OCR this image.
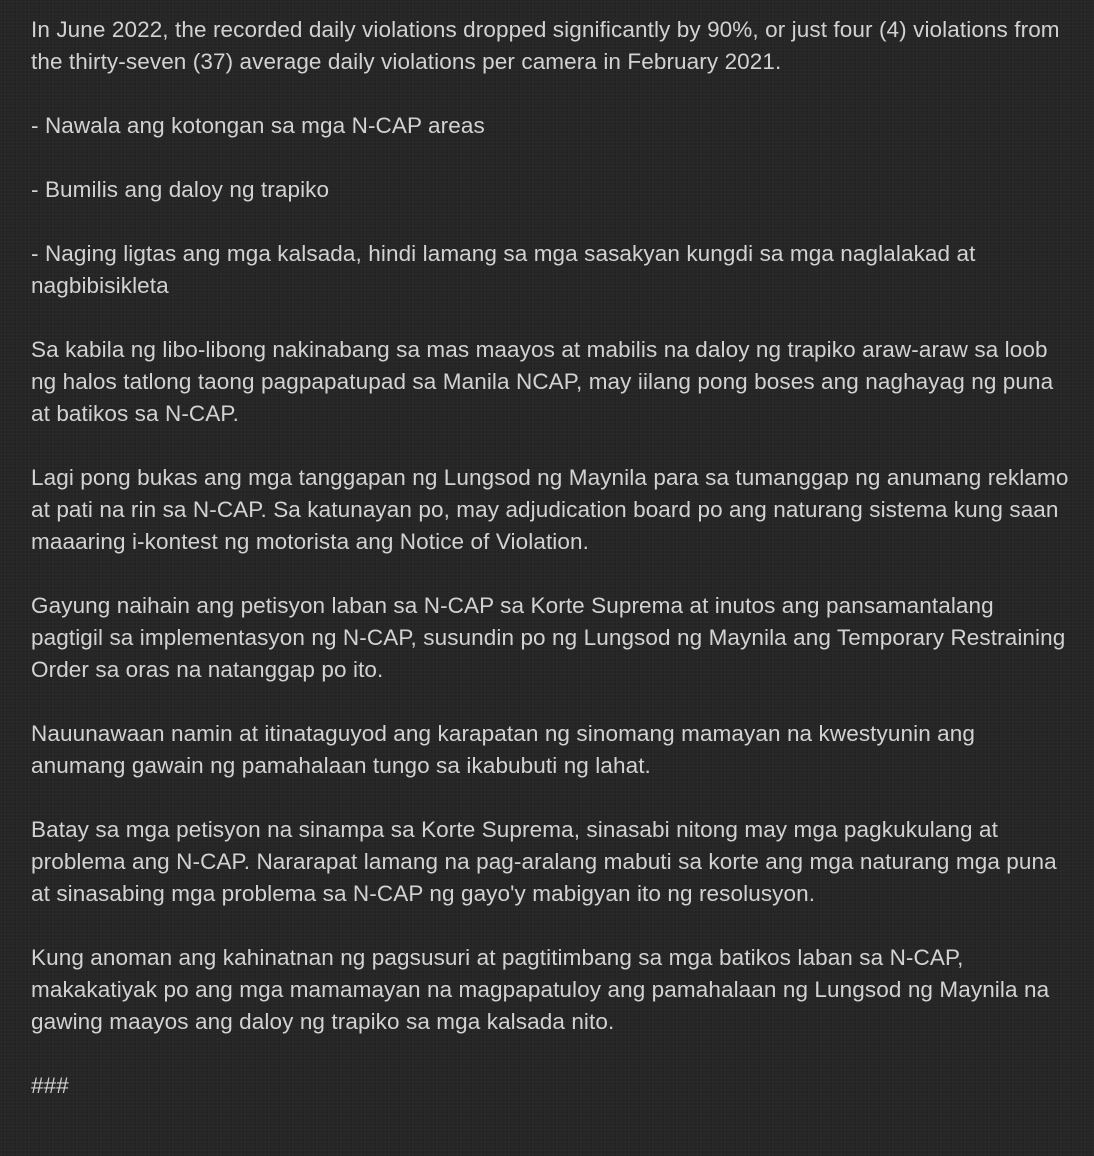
In June 2022, the recorded daily violations dropped significantly by 90%, or just four (4) violations from the thirty-seven (37) average daily violations per camera in February 2021.

- Nawala ang kotongan sa mga N-CAP areas

- Bumilis ang daloy ng trapiko

- Naging ligtas ang mga kalsada, hindi lamang sa mga sasakyan kungdi sa mga naglalakad at nagbibisikleta

Sa kabila ng libo-libong nakinabang sa mas maayos at mabilis na daloy ng trapiko araw-araw sa loob ng halos tatlong taong pagpapatupad sa Manila NCAP, may iilang pong boses ang naghayag ng puna at batikos sa N-CAP.

Lagi pong bukas ang mga tanggapan ng Lungsod ng Maynila para sa tumanggap ng anumang reklamo at pati na rin sa N-CAP. Sa katunayan po, may adjudication board po ang naturang sistema kung saan maaaring i-kontest ng motorista ang Notice of Violation.

Gayung naihain ang petisyon laban sa N-CAP sa Korte Suprema at inutos ang pansamantalang pagtigil sa implementasyon ng N-CAP, susundin po ng Lungsod ng Maynila ang Temporary Restraining Order sa oras na natanggap po ito.

Nauunawaan namin at itinataguyod ang karapatan ng sinomang mamayan na kwestyunin ang anumang gawain ng pamahalaan tungo sa ikabubuti ng lahat.

Batay sa mga petisyon na sinampa sa Korte Suprema, sinasabi nitong may mga pagkukulang at problema ang N-CAP. Nararapat lamang na pag-aralang mabuti sa korte ang mga naturang mga puna at sinasabing mga problema sa N-CAP ng gayo'y mabigyan ito ng resolusyon.

Kung anoman ang kahinatnan ng pagsusuri at pagtitimbang sa mga batikos laban sa N-CAP, makakatiyak po ang mga mamamayan na magpapatuloy ang pamahalaan ng Lungsod ng Maynila na gawing maayos ang daloy ng trapiko sa mga kalsada nito.

###
